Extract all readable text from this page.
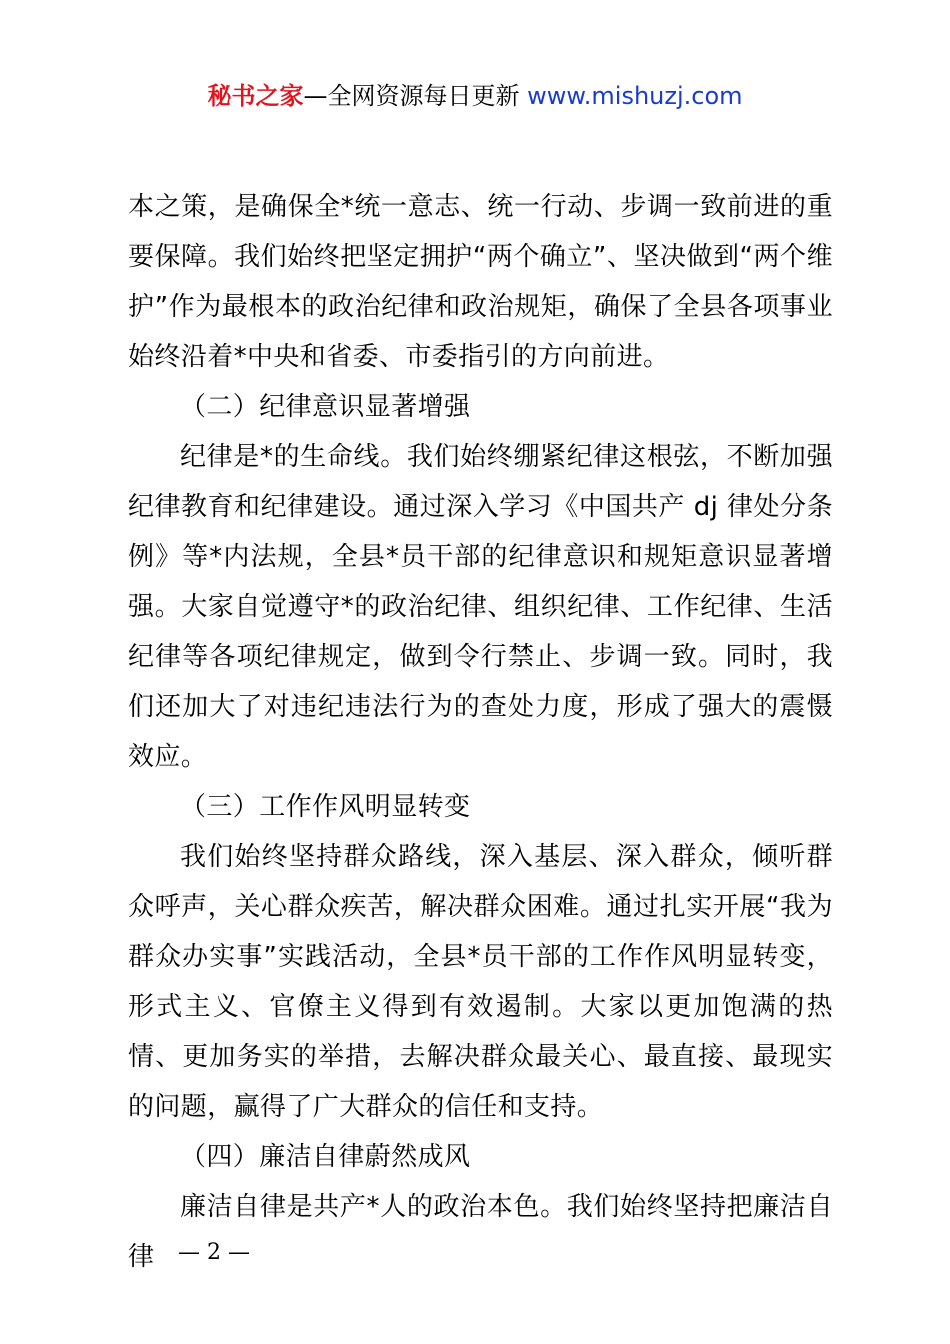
秘书之家—全网资源每日更新 www.mishuzj.com

本之策，是确保全*统一意志、统一行动、步调一致前进的重要保障。我们始终把坚定拥护“两个确立”、坚决做到“两个维护”作为最根本的政治纪律和政治规矩，确保了全县各项事业始终沿着*中央和省委、市委指引的方向前进。

（二）纪律意识显著增强

纪律是*的生命线。我们始终绷紧纪律这根弦，不断加强纪律教育和纪律建设。通过深入学习《中国共产 dj 律处分条例》等*内法规，全县*员干部的纪律意识和规矩意识显著增强。大家自觉遵守*的政治纪律、组织纪律、工作纪律、生活纪律等各项纪律规定，做到令行禁止、步调一致。同时，我们还加大了对违纪违法行为的查处力度，形成了强大的震慑效应。

（三）工作作风明显转变

我们始终坚持群众路线，深入基层、深入群众，倾听群众呼声，关心群众疾苦，解决群众困难。通过扎实开展“我为群众办实事”实践活动，全县*员干部的工作作风明显转变，形式主义、官僚主义得到有效遏制。大家以更加饱满的热情、更加务实的举措，去解决群众最关心、最直接、最现实的问题，赢得了广大群众的信任和支持。

（四）廉洁自律蔚然成风

廉洁自律是共产*人的政治本色。我们始终坚持把廉洁自律	— 2 —
